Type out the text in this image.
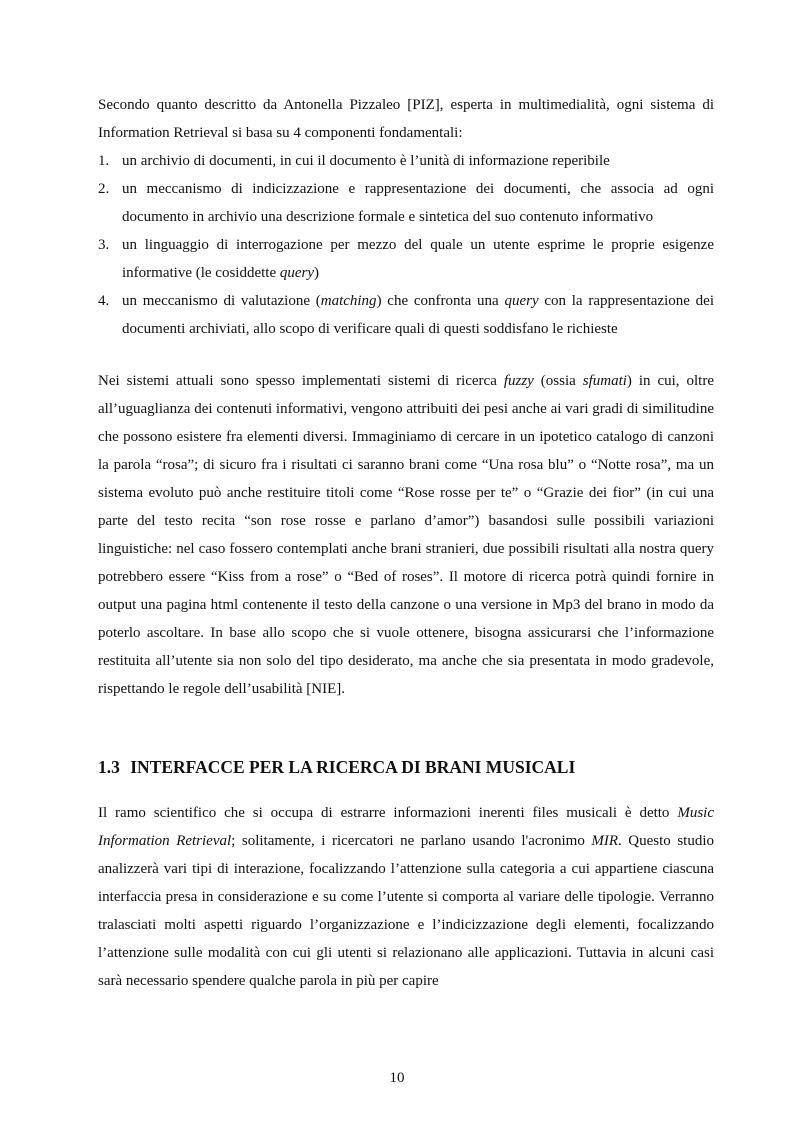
Secondo quanto descritto da Antonella Pizzaleo [PIZ], esperta in multimedialità, ogni sistema di Information Retrieval si basa su 4 componenti fondamentali:

1. un archivio di documenti, in cui il documento è l’unità di informazione reperibile
2. un meccanismo di indicizzazione e rappresentazione dei documenti, che associa ad ogni documento in archivio una descrizione formale e sintetica del suo contenuto informativo
3. un linguaggio di interrogazione per mezzo del quale un utente esprime le proprie esigenze informative (le cosiddette query)
4. un meccanismo di valutazione (matching) che confronta una query con la rappresentazione dei documenti archiviati, allo scopo di verificare quali di questi soddisfano le richieste

Nei sistemi attuali sono spesso implementati sistemi di ricerca fuzzy (ossia sfumati) in cui, oltre all’uguaglianza dei contenuti informativi, vengono attribuiti dei pesi anche ai vari gradi di similitudine che possono esistere fra elementi diversi. Immaginiamo di cercare in un ipotetico catalogo di canzoni la parola “rosa”; di sicuro fra i risultati ci saranno brani come “Una rosa blu” o “Notte rosa”, ma un sistema evoluto può anche restituire titoli come “Rose rosse per te” o “Grazie dei fior” (in cui una parte del testo recita “son rose rosse e parlano d’amor”) basandosi sulle possibili variazioni linguistiche: nel caso fossero contemplati anche brani stranieri, due possibili risultati alla nostra query potrebbero essere “Kiss from a rose” o “Bed of roses”. Il motore di ricerca potrà quindi fornire in output una pagina html contenente il testo della canzone o una versione in Mp3 del brano in modo da poterlo ascoltare. In base allo scopo che si vuole ottenere, bisogna assicurarsi che l’informazione restituita all’utente sia non solo del tipo desiderato, ma anche che sia presentata in modo gradevole, rispettando le regole dell’usabilità [NIE].

1.3 INTERFACCE PER LA RICERCA DI BRANI MUSICALI

Il ramo scientifico che si occupa di estrarre informazioni inerenti files musicali è detto Music Information Retrieval; solitamente, i ricercatori ne parlano usando l'acronimo MIR. Questo studio analizzerà vari tipi di interazione, focalizzando l’attenzione sulla categoria a cui appartiene ciascuna interfaccia presa in considerazione e su come l’utente si comporta al variare delle tipologie. Verranno tralasciati molti aspetti riguardo l’organizzazione e l’indicizzazione degli elementi, focalizzando l’attenzione sulle modalità con cui gli utenti si relazionano alle applicazioni. Tuttavia in alcuni casi sarà necessario spendere qualche parola in più per capire

10
